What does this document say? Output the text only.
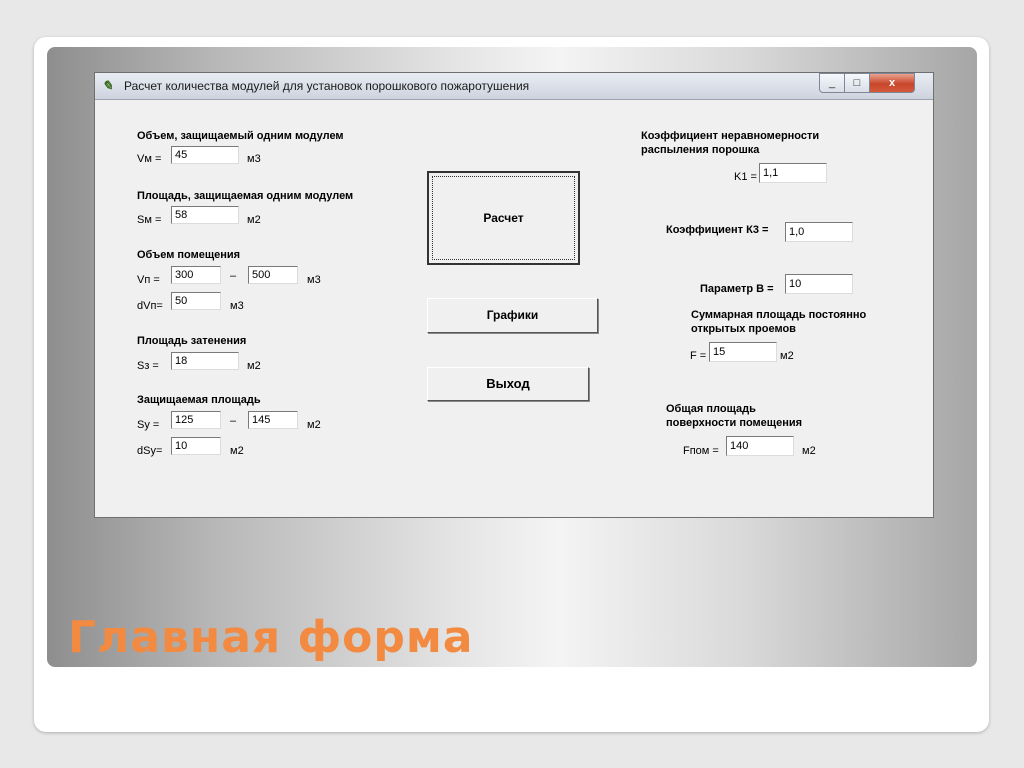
✎ Расчет количества модулей для установок порошкового пожаротушения	_	□	x
Объем, защищаемый одним модулем
Vм =
45	м3
Площадь, защищаемая одним модулем
Sм =
58	м2
Объем помещения
Vп =
300	–
500	м3
dVп=
50	м3
Площадь затенения
Sз =
18	м2
Защищаемая площадь
Sу =
125	–
145	м2
dSу=
10	м2
Расчет
Графики
Выход
Коэффициент неравномерности
распыления порошка
K1 =
1,1
Коэффициент К3 =
1,0
Параметр В =
10
Суммарная площадь постоянно
открытых проемов
F =
15	м2
Общая площадь
поверхности помещения
Fпом =
140	м2
Главная форма
